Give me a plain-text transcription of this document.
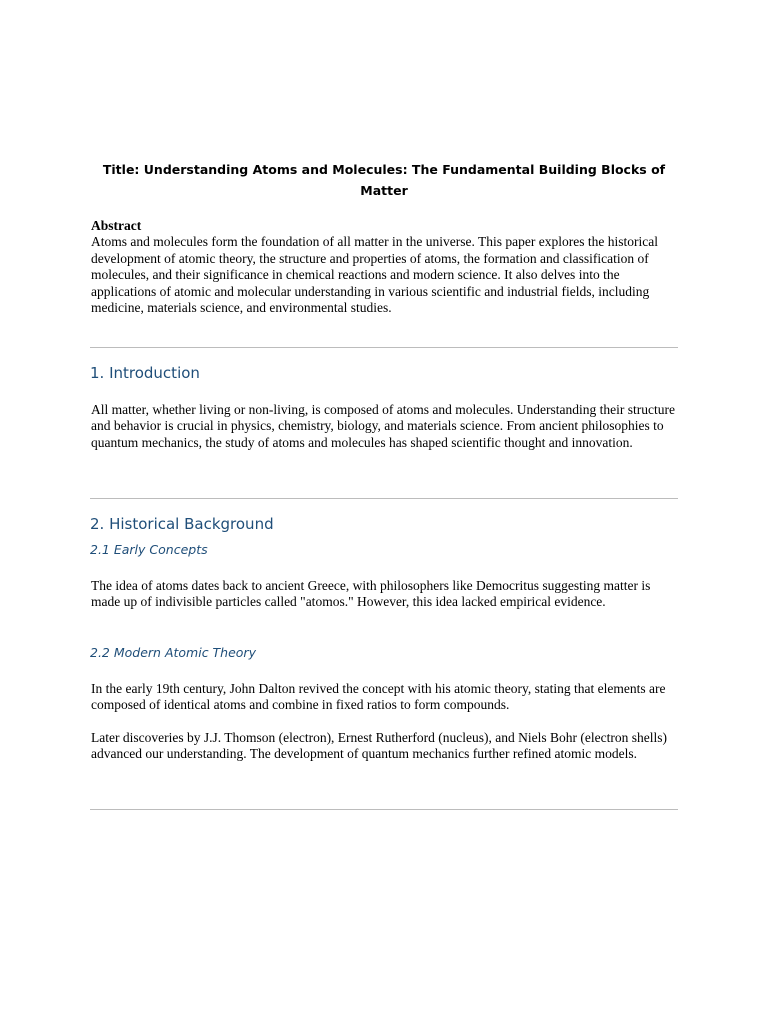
Title: Understanding Atoms and Molecules: The Fundamental Building Blocks of Matter
Abstract
Atoms and molecules form the foundation of all matter in the universe. This paper explores the historical development of atomic theory, the structure and properties of atoms, the formation and classification of molecules, and their significance in chemical reactions and modern science. It also delves into the applications of atomic and molecular understanding in various scientific and industrial fields, including medicine, materials science, and environmental studies.
1. Introduction
All matter, whether living or non-living, is composed of atoms and molecules. Understanding their structure and behavior is crucial in physics, chemistry, biology, and materials science. From ancient philosophies to quantum mechanics, the study of atoms and molecules has shaped scientific thought and innovation.
2. Historical Background
2.1 Early Concepts
The idea of atoms dates back to ancient Greece, with philosophers like Democritus suggesting matter is made up of indivisible particles called "atomos." However, this idea lacked empirical evidence.
2.2 Modern Atomic Theory
In the early 19th century, John Dalton revived the concept with his atomic theory, stating that elements are composed of identical atoms and combine in fixed ratios to form compounds.
Later discoveries by J.J. Thomson (electron), Ernest Rutherford (nucleus), and Niels Bohr (electron shells) advanced our understanding. The development of quantum mechanics further refined atomic models.
